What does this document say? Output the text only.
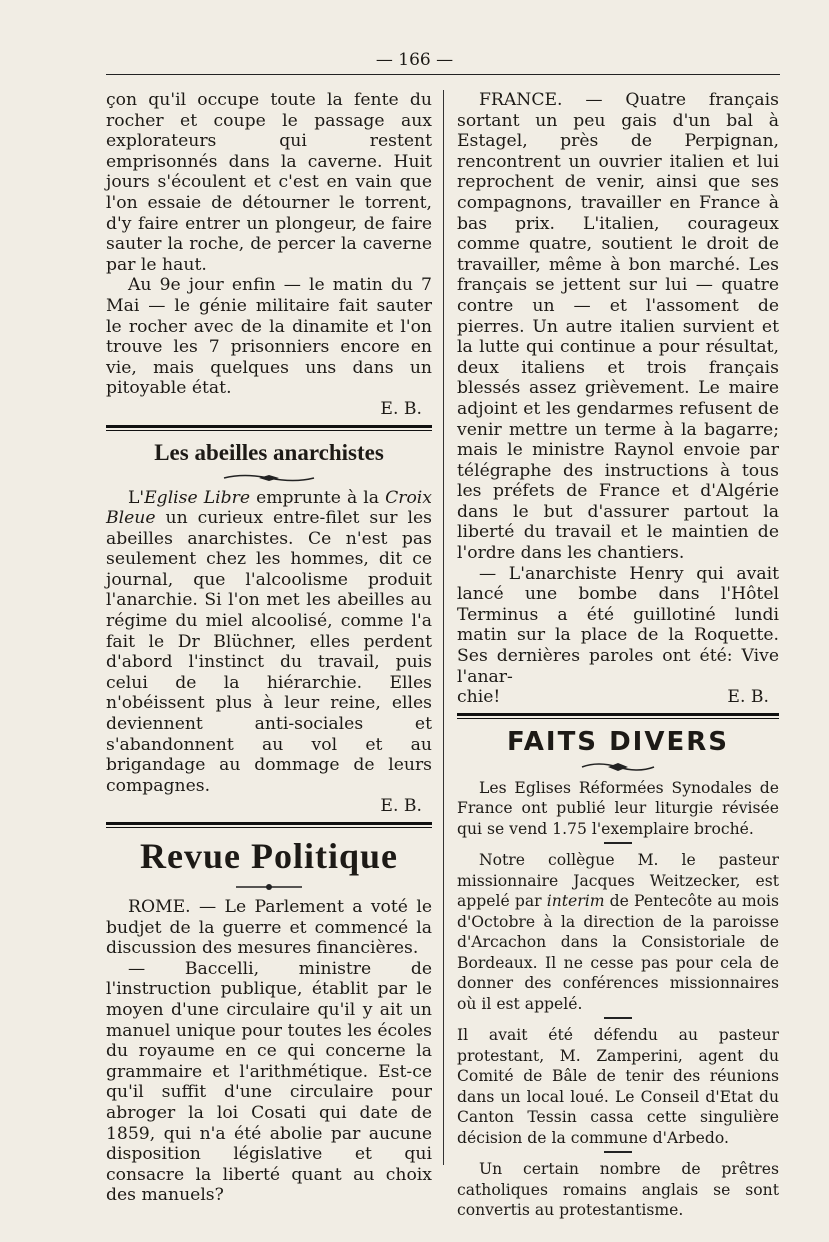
— 166 —

çon qu'il occupe toute la fente du rocher et coupe le passage aux explorateurs qui restent emprisonnés dans la caverne. Huit jours s'écoulent et c'est en vain que l'on essaie de détourner le torrent, d'y faire entrer un plongeur, de faire sauter la roche, de percer la caverne par le haut.

Au 9e jour enfin — le matin du 7 Mai — le génie militaire fait sauter le rocher avec de la dinamite et l'on trouve les 7 prisonniers encore en vie, mais quelques uns dans un pitoyable état.

E. B.

Les abeilles anarchistes

L'Eglise Libre emprunte à la Croix Bleue un curieux entre-filet sur les abeilles anarchistes. Ce n'est pas seulement chez les hommes, dit ce journal, que l'alcoolisme produit l'anarchie. Si l'on met les abeilles au régime du miel alcoolisé, comme l'a fait le Dr Blüchner, elles perdent d'abord l'instinct du travail, puis celui de la hiérarchie. Elles n'obéissent plus à leur reine, elles deviennent anti-sociales et s'abandonnent au vol et au brigandage au dommage de leurs compagnes.

E. B.

Revue Politique

ROME. — Le Parlement a voté le budjet de la guerre et commencé la discussion des mesures financières.

— Baccelli, ministre de l'instruction publique, établit par le moyen d'une circulaire qu'il y ait un manuel unique pour toutes les écoles du royaume en ce qui concerne la grammaire et l'arithmétique. Est-ce qu'il suffit d'une circulaire pour abroger la loi Cosati qui date de 1859, qui n'a été abolie par aucune disposition législative et qui consacre la liberté quant au choix des manuels?

FRANCE. — Quatre français sortant un peu gais d'un bal à Estagel, près de Perpignan, rencontrent un ouvrier italien et lui reprochent de venir, ainsi que ses compagnons, travailler en France à bas prix. L'italien, courageux comme quatre, soutient le droit de travailler, même à bon marché. Les français se jettent sur lui — quatre contre un — et l'assoment de pierres. Un autre italien survient et la lutte qui continue a pour résultat, deux italiens et trois français blessés assez grièvement. Le maire adjoint et les gendarmes refusent de venir mettre un terme à la bagarre; mais le ministre Raynol envoie par télégraphe des instructions à tous les préfets de France et d'Algérie dans le but d'assurer partout la liberté du travail et le maintien de l'ordre dans les chantiers.

— L'anarchiste Henry qui avait lancé une bombe dans l'Hôtel Terminus a été guillotiné lundi matin sur la place de la Roquette. Ses dernières paroles ont été: Vive l'anar-

chie!	E. B.
FAITS DIVERS

Les Eglises Réformées Synodales de France ont publié leur liturgie révisée qui se vend 1.75 l'exemplaire broché.

Notre collègue M. le pasteur missionnaire Jacques Weitzecker, est appelé par interim de Pentecôte au mois d'Octobre à la direction de la paroisse d'Arcachon dans la Consistoriale de Bordeaux. Il ne cesse pas pour cela de donner des conférences missionnaires où il est appelé.

Il avait été défendu au pasteur protestant, M. Zamperini, agent du Comité de Bâle de tenir des réunions dans un local loué. Le Conseil d'Etat du Canton Tessin cassa cette singulière décision de la commune d'Arbedo.

Un certain nombre de prêtres catholiques romains anglais se sont convertis au protestantisme.
